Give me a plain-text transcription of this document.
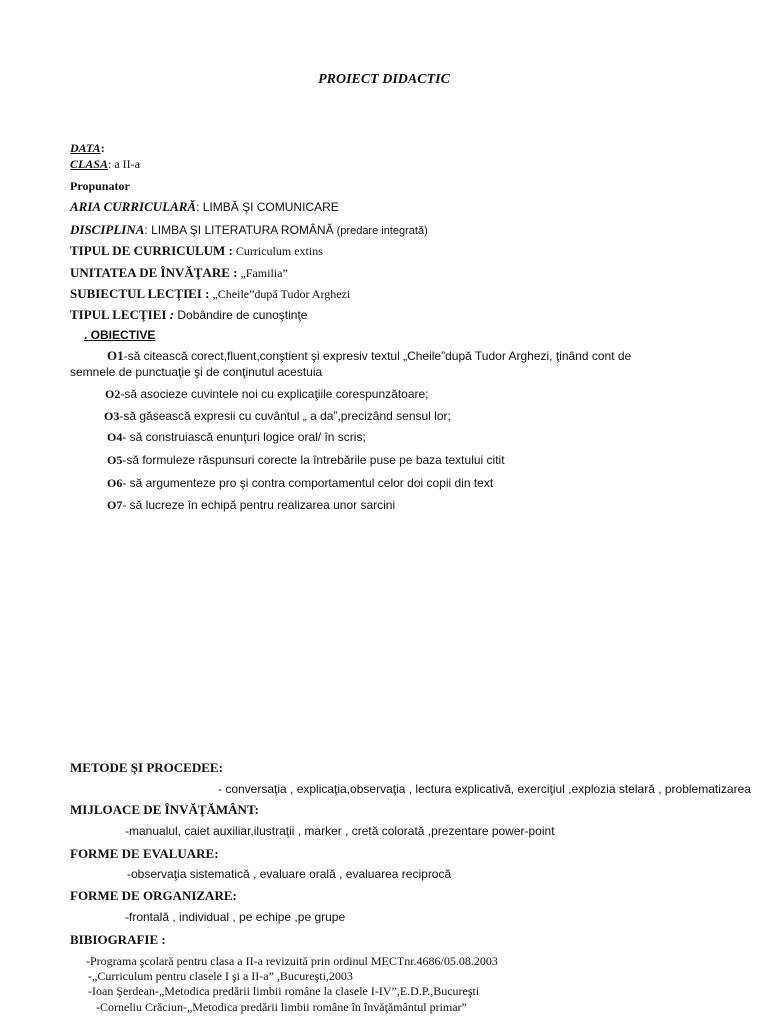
PROIECT DIDACTIC
DATA:
CLASA: a II-a
Propunator
ARIA CURRICULARĂ: LIMBĂ ŞI COMUNICARE
DISCIPLINA: LIMBA ŞI LITERATURA ROMÂNĂ (predare integrată)
TIPUL DE CURRICULUM : Curriculum extins
UNITATEA DE ÎNVĂŢARE : „Familia”
SUBIECTUL LECŢIEI : „Cheile”după Tudor Arghezi
TIPUL LECŢIEI : Dobândire de cunoştinţe
. OBIECTIVE
O1-să citească corect,fluent,conştient şi expresiv textul „Cheile”după Tudor Arghezi, ţinând cont de
semnele de punctuaţie şi de conţinutul acestuia
O2-să asocieze cuvintele noi cu explicaţiile corespunzătoare;
O3-să găsească expresii cu cuvântul „ a da”,precizând sensul lor;
O4- să construiască enunţuri logice oral/ în scris;
O5-să formuleze răspunsuri corecte la întrebările puse pe baza textului citit
O6- să argumenteze pro şi contra comportamentul celor doi copii din text
O7- să lucreze în echipă pentru realizarea unor sarcini
METODE ŞI PROCEDEE:
- conversaţia , explicaţia,observaţia , lectura explicativă, exerciţiul ,explozia stelară , problematizarea
MIJLOACE DE ÎNVĂŢĂMÂNT:
-manualul, caiet auxiliar,ilustraţii , marker , cretă colorată ,prezentare power-point
FORME DE EVALUARE:
-observaţia sistematică , evaluare orală , evaluarea reciprocă
FORME DE ORGANIZARE:
-frontală , individual , pe echipe ,pe grupe
BIBIOGRAFIE :
-Programa şcolară pentru clasa a II-a revizuită prin ordinul MECTnr.4686/05.08.2003
-„Curriculum pentru clasele I şi a II-a” ,Bucureşti,2003
-Ioan Şerdean-„Metodica predării limbii române la clasele I-IV”,E.D.P.,Bucureşti
-Corneliu Crăciun-„Metodica predării limbii române în învăţământul primar”
